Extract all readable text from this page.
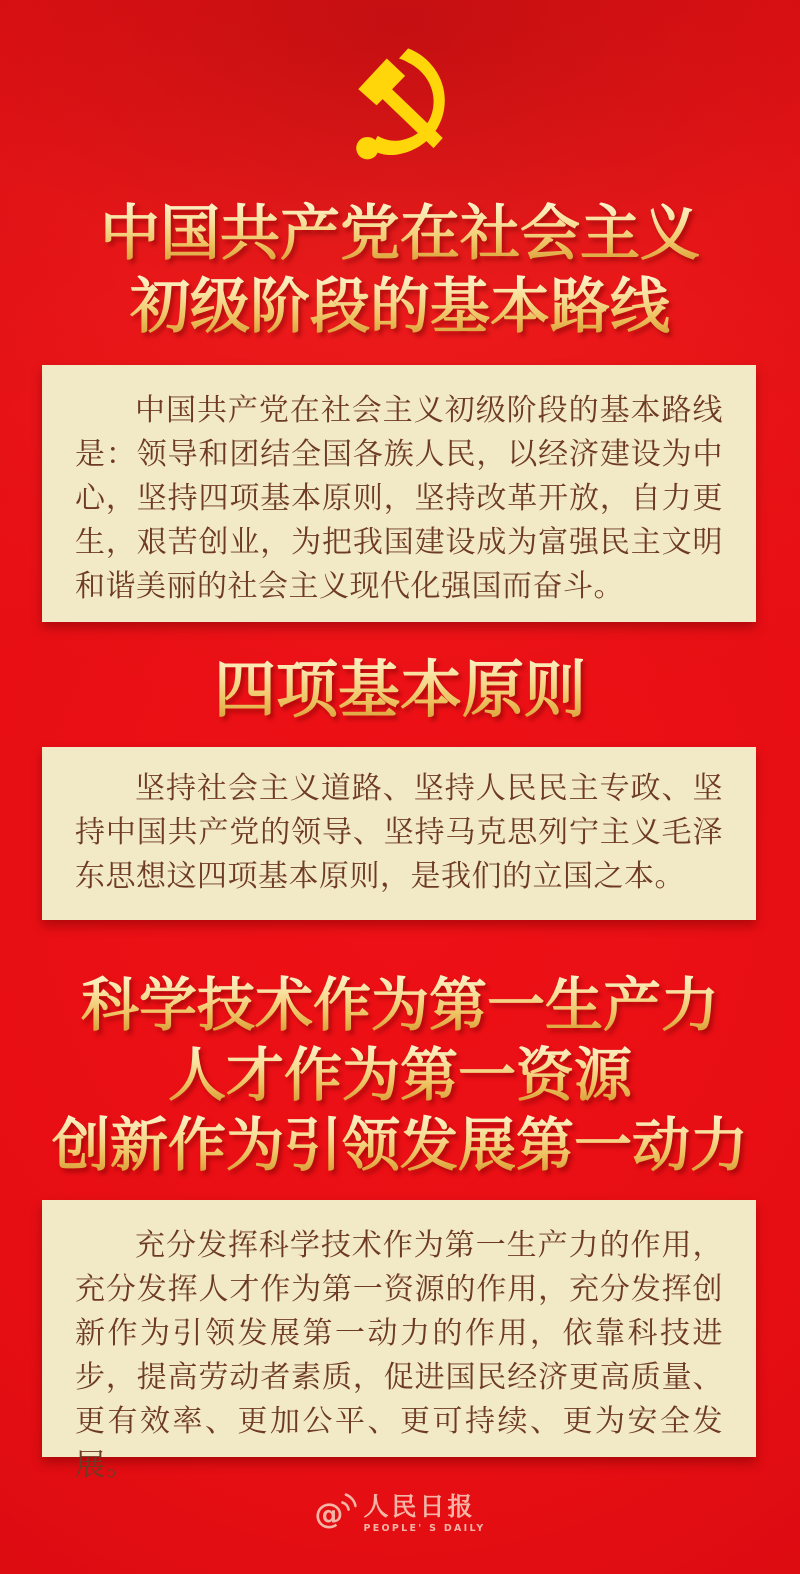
中国共产党在社会主义
初级阶段的基本路线

中国共产党在社会主义初级阶段的基本路线是：领导和团结全国各族人民，以经济建设为中心，坚持四项基本原则，坚持改革开放，自力更生，艰苦创业，为把我国建设成为富强民主文明和谐美丽的社会主义现代化强国而奋斗。

四项基本原则

坚持社会主义道路、坚持人民民主专政、坚持中国共产党的领导、坚持马克思列宁主义毛泽东思想这四项基本原则，是我们的立国之本。

科学技术作为第一生产力
人才作为第一资源
创新作为引领发展第一动力

充分发挥科学技术作为第一生产力的作用，充分发挥人才作为第一资源的作用，充分发挥创新作为引领发展第一动力的作用，依靠科技进步，提高劳动者素质，促进国民经济更高质量、更有效率、更加公平、更可持续、更为安全发展。

@ 人民日报
PEOPLE' S DAILY
